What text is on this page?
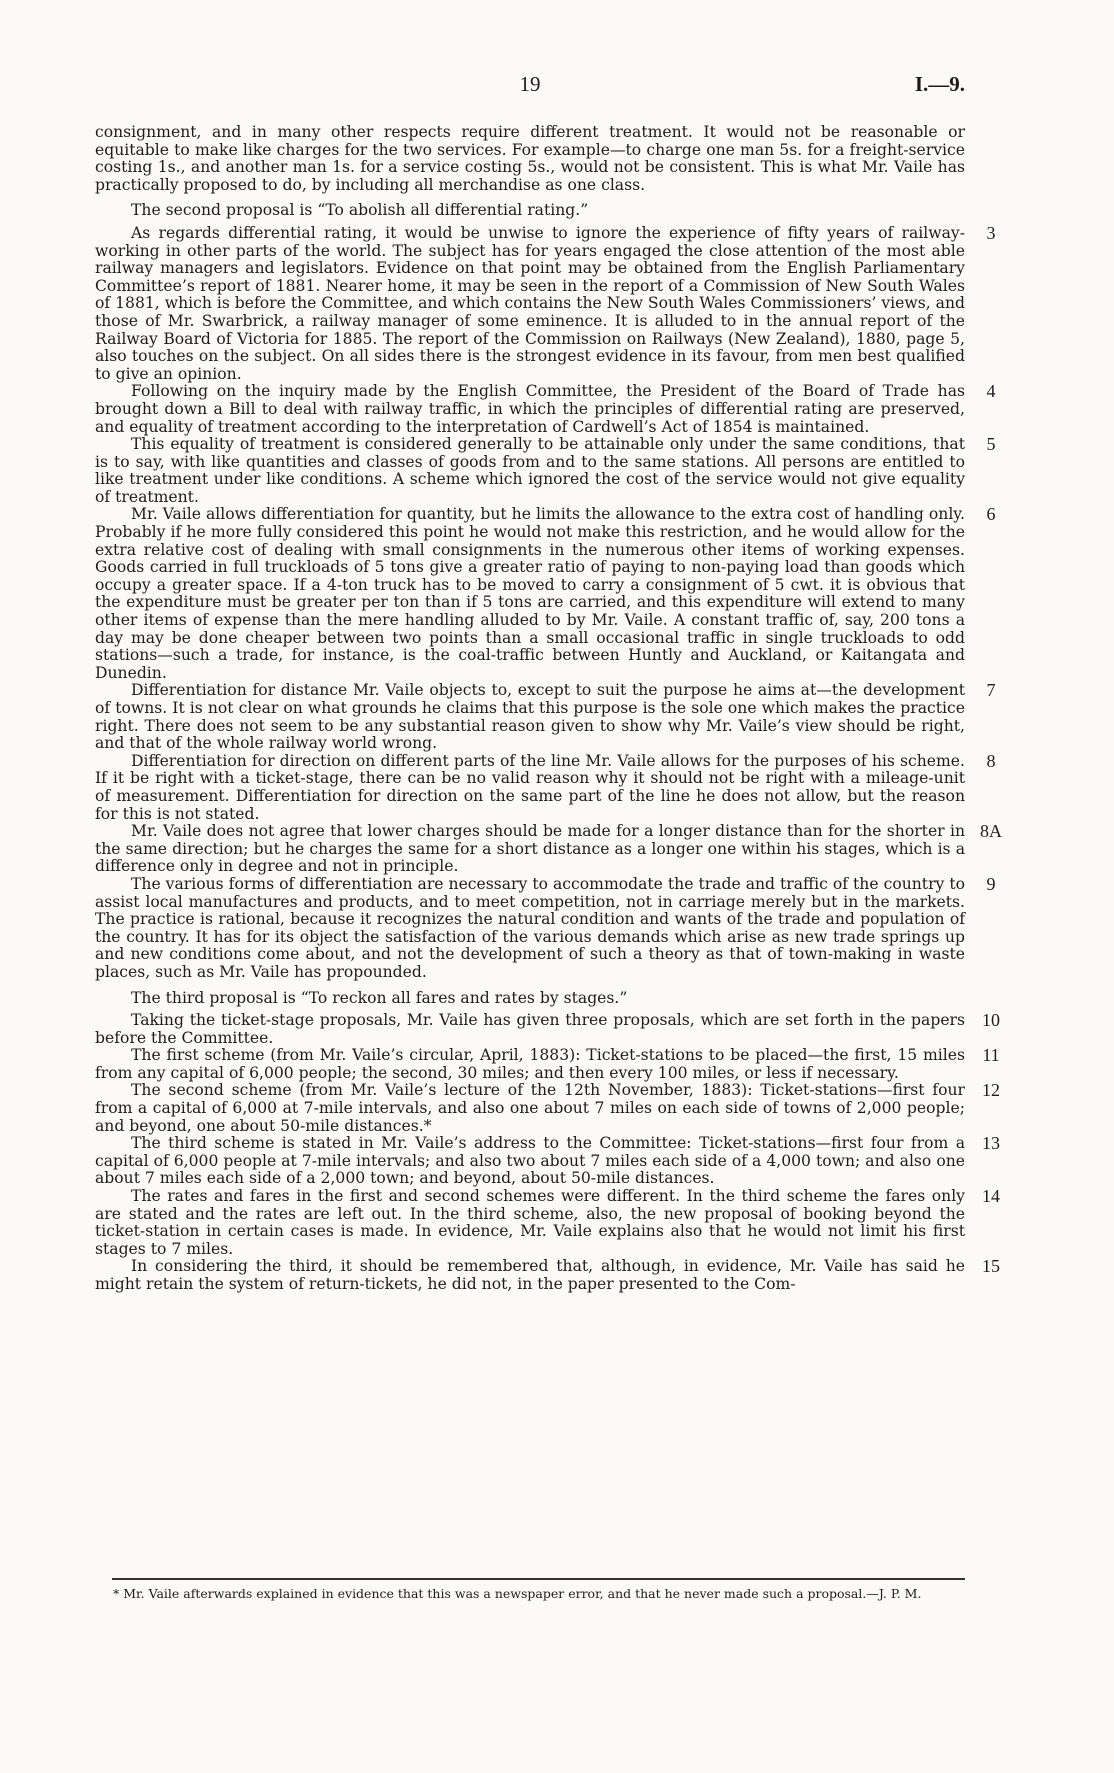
19	I.—9.

consignment, and in many other respects require different treatment. It would not be reasonable or equitable to make like charges for the two services. For example—to charge one man 5s. for a freight-service costing 1s., and another man 1s. for a service costing 5s., would not be consistent. This is what Mr. Vaile has practically proposed to do, by including all merchandise as one class.

The second proposal is “To abolish all differential rating.”

As regards differential rating, it would be unwise to ignore the experience of fifty years of railway-working in other parts of the world. The subject has for years engaged the close attention of the most able railway managers and legislators. Evidence on that point may be obtained from the English Parliamentary Committee’s report of 1881. Nearer home, it may be seen in the report of a Commission of New South Wales of 1881, which is before the Committee, and which contains the New South Wales Commissioners’ views, and those of Mr. Swarbrick, a railway manager of some eminence. It is alluded to in the annual report of the Railway Board of Victoria for 1885. The report of the Commission on Railways (New Zealand), 1880, page 5, also touches on the subject. On all sides there is the strongest evidence in its favour, from men best qualified to give an opinion.
3

Following on the inquiry made by the English Committee, the President of the Board of Trade has brought down a Bill to deal with railway traffic, in which the principles of differential rating are preserved, and equality of treatment according to the interpretation of Cardwell’s Act of 1854 is maintained.
4

This equality of treatment is considered generally to be attainable only under the same conditions, that is to say, with like quantities and classes of goods from and to the same stations. All persons are entitled to like treatment under like conditions. A scheme which ignored the cost of the service would not give equality of treatment.
5

Mr. Vaile allows differentiation for quantity, but he limits the allowance to the extra cost of handling only. Probably if he more fully considered this point he would not make this restriction, and he would allow for the extra relative cost of dealing with small consignments in the numerous other items of working expenses. Goods carried in full truckloads of 5 tons give a greater ratio of paying to non-paying load than goods which occupy a greater space. If a 4-ton truck has to be moved to carry a consignment of 5 cwt. it is obvious that the expenditure must be greater per ton than if 5 tons are carried, and this expenditure will extend to many other items of expense than the mere handling alluded to by Mr. Vaile. A constant traffic of, say, 200 tons a day may be done cheaper between two points than a small occasional traffic in single truckloads to odd stations—such a trade, for instance, is the coal-traffic between Huntly and Auckland, or Kaitangata and Dunedin.
6

Differentiation for distance Mr. Vaile objects to, except to suit the purpose he aims at—the development of towns. It is not clear on what grounds he claims that this purpose is the sole one which makes the practice right. There does not seem to be any substantial reason given to show why Mr. Vaile’s view should be right, and that of the whole railway world wrong.
7

Differentiation for direction on different parts of the line Mr. Vaile allows for the purposes of his scheme. If it be right with a ticket-stage, there can be no valid reason why it should not be right with a mileage-unit of measurement. Differentiation for direction on the same part of the line he does not allow, but the reason for this is not stated.
8

Mr. Vaile does not agree that lower charges should be made for a longer distance than for the shorter in the same direction; but he charges the same for a short distance as a longer one within his stages, which is a difference only in degree and not in principle.
8A

The various forms of differentiation are necessary to accommodate the trade and traffic of the country to assist local manufactures and products, and to meet competition, not in carriage merely but in the markets. The practice is rational, because it recognizes the natural condition and wants of the trade and population of the country. It has for its object the satisfaction of the various demands which arise as new trade springs up and new conditions come about, and not the development of such a theory as that of town-making in waste places, such as Mr. Vaile has propounded.
9

The third proposal is “To reckon all fares and rates by stages.”

Taking the ticket-stage proposals, Mr. Vaile has given three proposals, which are set forth in the papers before the Committee.
10

The first scheme (from Mr. Vaile’s circular, April, 1883): Ticket-stations to be placed—the first, 15 miles from any capital of 6,000 people; the second, 30 miles; and then every 100 miles, or less if necessary.
11

The second scheme (from Mr. Vaile’s lecture of the 12th November, 1883): Ticket-stations—first four from a capital of 6,000 at 7-mile intervals, and also one about 7 miles on each side of towns of 2,000 people; and beyond, one about 50-mile distances.*
12

The third scheme is stated in Mr. Vaile’s address to the Committee: Ticket-stations—first four from a capital of 6,000 people at 7-mile intervals; and also two about 7 miles each side of a 4,000 town; and also one about 7 miles each side of a 2,000 town; and beyond, about 50-mile distances.
13

The rates and fares in the first and second schemes were different. In the third scheme the fares only are stated and the rates are left out. In the third scheme, also, the new proposal of booking beyond the ticket-station in certain cases is made. In evidence, Mr. Vaile explains also that he would not limit his first stages to 7 miles.
14

In considering the third, it should be remembered that, although, in evidence, Mr. Vaile has said he might retain the system of return-tickets, he did not, in the paper presented to the Com-
15

* Mr. Vaile afterwards explained in evidence that this was a newspaper error, and that he never made such a proposal.—J. P. M.
